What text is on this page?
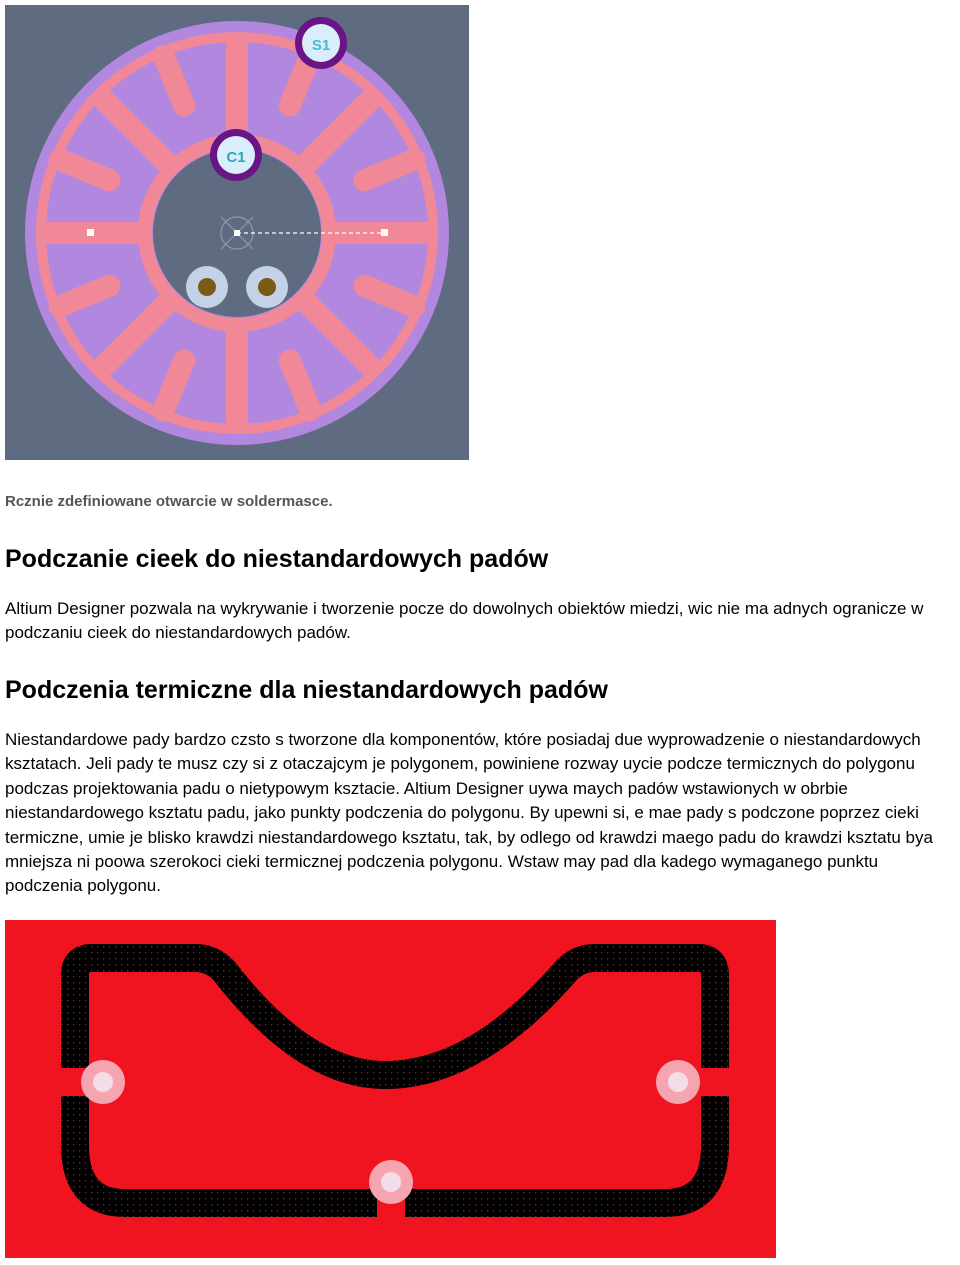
S1
C1
Rcznie zdefiniowane otwarcie w soldermasce.
Podczanie cieek do niestandardowych padów

Altium Designer pozwala na wykrywanie i tworzenie pocze do dowolnych obiektów miedzi, wic nie ma adnych ogranicze w podczaniu cieek do niestandardowych padów.

Podczenia termiczne dla niestandardowych padów

Niestandardowe pady bardzo czsto s tworzone dla komponentów, które posiadaj due wyprowadzenie o niestandardowych ksztatach. Jeli pady te musz czy si z otaczajcym je polygonem, powiniene rozway uycie podcze termicznych do polygonu podczas projektowania padu o nietypowym ksztacie. Altium Designer uywa maych padów wstawionych w obrbie niestandardowego ksztatu padu, jako punkty podczenia do polygonu. By upewni si, e mae pady s podczone poprzez cieki termiczne, umie je blisko krawdzi niestandardowego ksztatu, tak, by odlego od krawdzi maego padu do krawdzi ksztatu bya mniejsza ni poowa szerokoci cieki termicznej podczenia polygonu. Wstaw may pad dla kadego wymaganego punktu podczenia polygonu.
